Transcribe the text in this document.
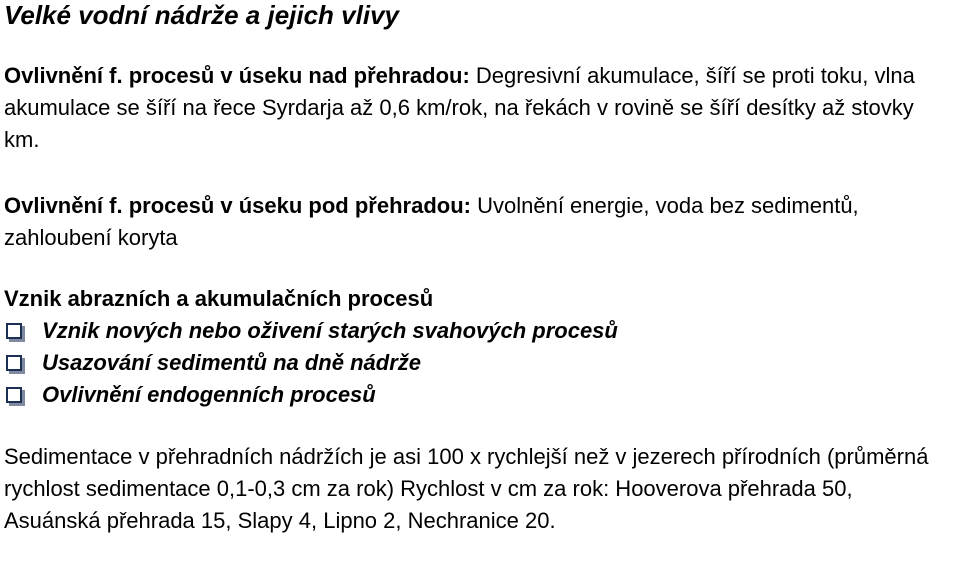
Velké vodní nádrže a jejich vlivy
Ovlivnění f. procesů v úseku nad přehradou: Degresivní akumulace, šíří se proti toku, vlna akumulace se šíří na řece Syrdarja až 0,6 km/rok, na řekách v rovině se šíří desítky až stovky km.
Ovlivnění f. procesů v úseku pod přehradou: Uvolnění energie, voda bez sedimentů, zahloubení koryta
Vznik abrazních a akumulačních procesů
Vznik nových nebo oživení starých svahových procesů
Usazování sedimentů na dně nádrže
Ovlivnění endogenních procesů
Sedimentace v přehradních nádržích je asi 100 x rychlejší než v jezerech přírodních (průměrná rychlost sedimentace 0,1-0,3 cm za rok) Rychlost v cm za rok: Hooverova přehrada 50, Asuánská přehrada 15, Slapy 4, Lipno 2, Nechranice 20.
